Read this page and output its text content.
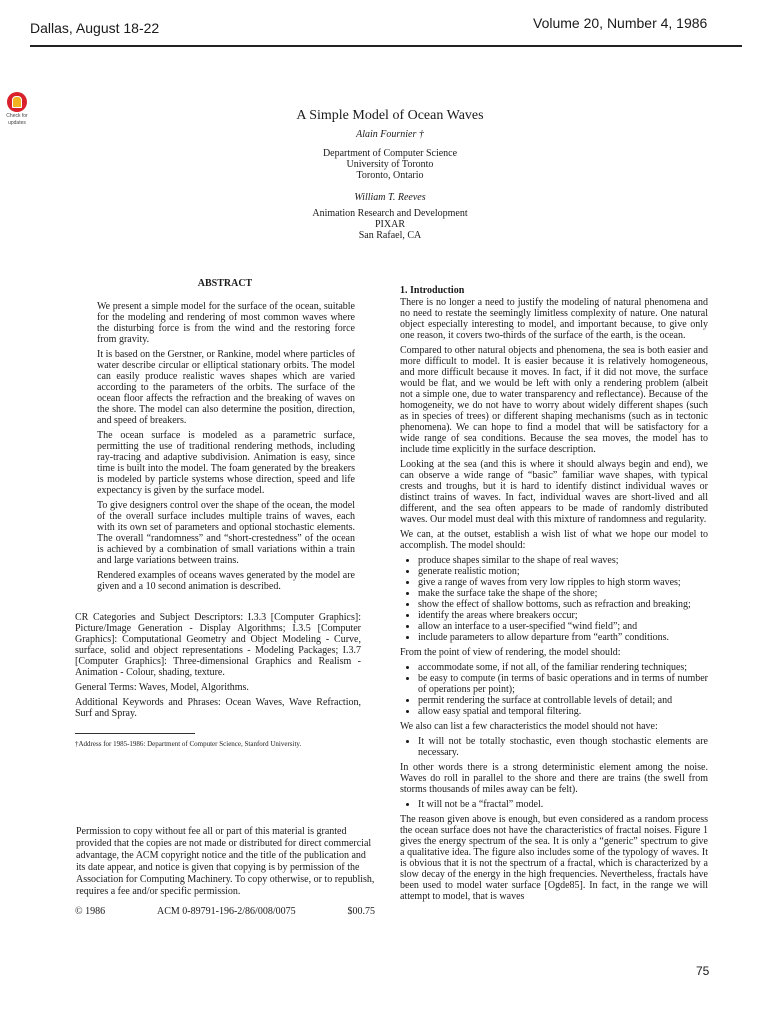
Dallas, August 18-22	Volume 20, Number 4, 1986
Check for
updates	A Simple Model of Ocean Waves
Alain Fournier †
Department of Computer Science
University of Toronto
Toronto, Ontario
William T. Reeves
Animation Research and Development
PIXAR
San Rafael, CA
ABSTRACT

We present a simple model for the surface of the ocean, suitable for the modeling and rendering of most common waves where the disturbing force is from the wind and the restoring force from gravity.

It is based on the Gerstner, or Rankine, model where particles of water describe circular or elliptical stationary orbits. The model can easily produce realistic waves shapes which are varied according to the parameters of the orbits. The surface of the ocean floor affects the refraction and the breaking of waves on the shore. The model can also determine the position, direction, and speed of breakers.

The ocean surface is modeled as a parametric surface, permitting the use of traditional rendering methods, including ray-tracing and adaptive subdivision. Animation is easy, since time is built into the model. The foam generated by the breakers is modeled by particle systems whose direction, speed and life expectancy is given by the surface model.

To give designers control over the shape of the ocean, the model of the overall surface includes multiple trains of waves, each with its own set of parameters and optional stochastic elements. The overall “randomness” and “short-crestedness” of the ocean is achieved by a combination of small variations within a train and large variations between trains.

Rendered examples of oceans waves generated by the model are given and a 10 second animation is described.

CR Categories and Subject Descriptors: I.3.3 [Computer Graphics]: Picture/Image Generation - Display Algorithms; I.3.5 [Computer Graphics]: Computational Geometry and Object Modeling - Curve, surface, solid and object representations - Modeling Packages; I.3.7 [Computer Graphics]: Three-dimensional Graphics and Realism - Animation - Colour, shading, texture.

General Terms: Waves, Model, Algorithms.

Additional Keywords and Phrases: Ocean Waves, Wave Refraction, Surf and Spray.

†Address for 1985-1986: Department of Computer Science, Stanford University.
Permission to copy without fee all or part of this material is granted provided that the copies are not made or distributed for direct commercial advantage, the ACM copyright notice and the title of the publication and its date appear, and notice is given that copying is by permission of the Association for Computing Machinery. To copy otherwise, or to republish, requires a fee and/or specific permission.
© 1986	ACM 0-89791-196-2/86/008/0075	$00.75
1. Introduction

There is no longer a need to justify the modeling of natural phenomena and no need to restate the seemingly limitless complexity of nature. One natural object especially interesting to model, and important because, to give only one reason, it covers two-thirds of the surface of the earth, is the ocean.

Compared to other natural objects and phenomena, the sea is both easier and more difficult to model. It is easier because it is relatively homogeneous, and more difficult because it moves. In fact, if it did not move, the surface would be flat, and we would be left with only a rendering problem (albeit not a simple one, due to water transparency and reflectance). Because of the homogeneity, we do not have to worry about widely different shapes (such as in species of trees) or different shaping mechanisms (such as in tectonic phenomena). We can hope to find a model that will be satisfactory for a wide range of sea conditions. Because the sea moves, the model has to include time explicitly in the surface description.

Looking at the sea (and this is where it should always begin and end), we can observe a wide range of “basic” familiar wave shapes, with typical crests and troughs, but it is hard to identify distinct individual waves or distinct trains of waves. In fact, individual waves are short-lived and all different, and the sea often appears to be made of randomly distributed waves. Our model must deal with this mixture of randomness and regularity.

We can, at the outset, establish a wish list of what we hope our model to accomplish. The model should:

• produce shapes similar to the shape of real waves;
• generate realistic motion;
• give a range of waves from very low ripples to high storm waves;
• make the surface take the shape of the shore;
• show the effect of shallow bottoms, such as refraction and breaking;
• identify the areas where breakers occur;
• allow an interface to a user-specified “wind field”; and
• include parameters to allow departure from “earth” conditions.

From the point of view of rendering, the model should:

• accommodate some, if not all, of the familiar rendering techniques;
• be easy to compute (in terms of basic operations and in terms of number of operations per point);
• permit rendering the surface at controllable levels of detail; and
• allow easy spatial and temporal filtering.

We also can list a few characteristics the model should not have:

• It will not be totally stochastic, even though stochastic elements are necessary.

In other words there is a strong deterministic element among the noise. Waves do roll in parallel to the shore and there are trains (the swell from storms thousands of miles away can be felt).

• It will not be a “fractal” model.

The reason given above is enough, but even considered as a random process the ocean surface does not have the characteristics of fractal noises. Figure 1 gives the energy spectrum of the sea. It is only a “generic” spectrum to give a qualitative idea. The figure also includes some of the typology of waves. It is obvious that it is not the spectrum of a fractal, which is characterized by a slow decay of the energy in the high frequencies. Nevertheless, fractals have been used to model water surface [Ogde85]. In fact, in the range we will attempt to model, that is waves

75
